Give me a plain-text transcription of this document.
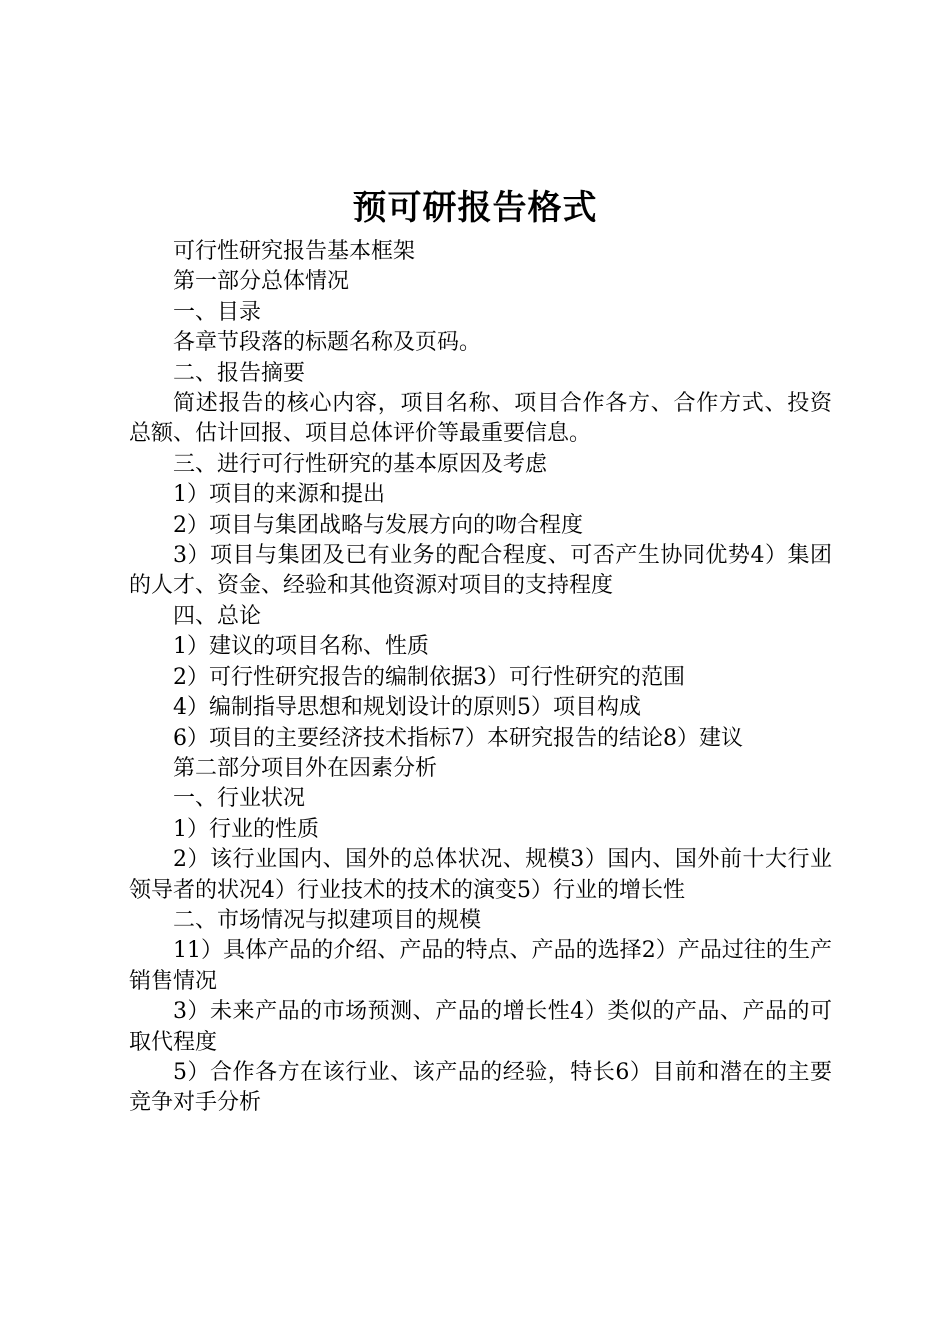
预可研报告格式

可行性研究报告基本框架

第一部分总体情况

一、目录

各章节段落的标题名称及页码。

二、报告摘要

简述报告的核心内容，项目名称、项目合作各方、合作方式、投资总额、估计回报、项目总体评价等最重要信息。

三、进行可行性研究的基本原因及考虑

1）项目的来源和提出

2）项目与集团战略与发展方向的吻合程度

3）项目与集团及已有业务的配合程度、可否产生协同优势4）集团的人才、资金、经验和其他资源对项目的支持程度

四、总论

1）建议的项目名称、性质

2）可行性研究报告的编制依据3）可行性研究的范围

4）编制指导思想和规划设计的原则5）项目构成

6）项目的主要经济技术指标7）本研究报告的结论8）建议

第二部分项目外在因素分析

一、行业状况

1）行业的性质

2）该行业国内、国外的总体状况、规模3）国内、国外前十大行业领导者的状况4）行业技术的技术的演变5）行业的增长性

二、市场情况与拟建项目的规模

11）具体产品的介绍、产品的特点、产品的选择2）产品过往的生产销售情况

3）未来产品的市场预测、产品的增长性4）类似的产品、产品的可取代程度

5）合作各方在该行业、该产品的经验，特长6）目前和潜在的主要竞争对手分析
